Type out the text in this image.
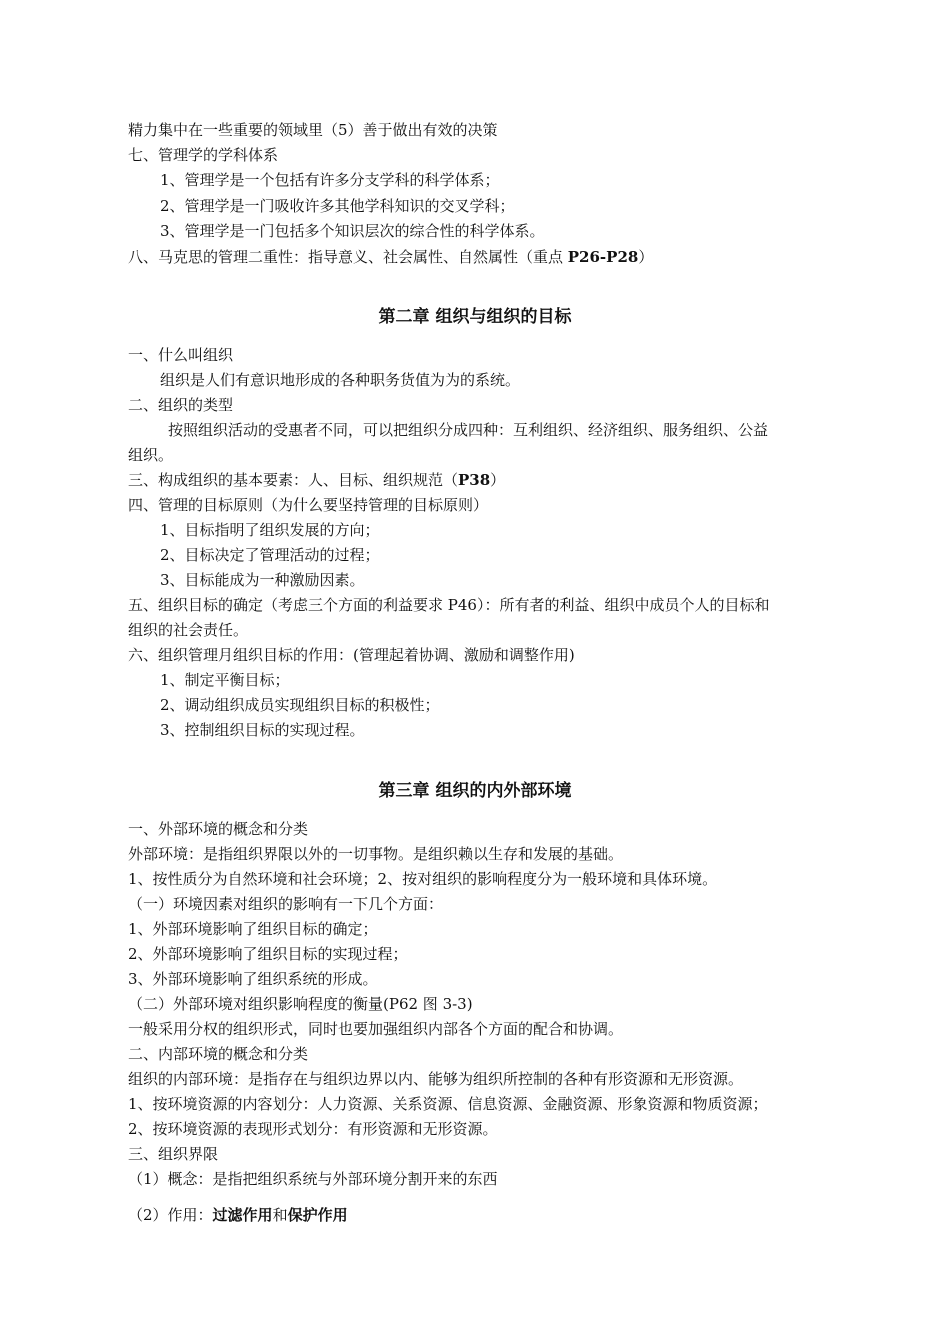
精力集中在一些重要的领域里（5）善于做出有效的决策
七、管理学的学科体系
1、管理学是一个包括有许多分支学科的科学体系；
2、管理学是一门吸收许多其他学科知识的交叉学科；
3、管理学是一门包括多个知识层次的综合性的科学体系。
八、马克思的管理二重性：指导意义、社会属性、自然属性（重点 P26-P28）
第二章 组织与组织的目标
一、什么叫组织
组织是人们有意识地形成的各种职务货值为为的系统。
二、组织的类型
按照组织活动的受惠者不同，可以把组织分成四种：互利组织、经济组织、服务组织、公益
组织。
三、构成组织的基本要素：人、目标、组织规范（P38）
四、管理的目标原则（为什么要坚持管理的目标原则）
1、目标指明了组织发展的方向；
2、目标决定了管理活动的过程；
3、目标能成为一种激励因素。
五、组织目标的确定（考虑三个方面的利益要求 P46）：所有者的利益、组织中成员个人的目标和
组织的社会责任。
六、组织管理月组织目标的作用：(管理起着协调、激励和调整作用)
1、制定平衡目标；
2、调动组织成员实现组织目标的积极性；
3、控制组织目标的实现过程。
第三章 组织的内外部环境
一、外部环境的概念和分类
外部环境：是指组织界限以外的一切事物。是组织赖以生存和发展的基础。
1、按性质分为自然环境和社会环境；2、按对组织的影响程度分为一般环境和具体环境。
（一）环境因素对组织的影响有一下几个方面：
1、外部环境影响了组织目标的确定；
2、外部环境影响了组织目标的实现过程；
3、外部环境影响了组织系统的形成。
（二）外部环境对组织影响程度的衡量(P62 图 3-3)
一般采用分权的组织形式，同时也要加强组织内部各个方面的配合和协调。
二、内部环境的概念和分类
组织的内部环境：是指存在与组织边界以内、能够为组织所控制的各种有形资源和无形资源。
1、按环境资源的内容划分：人力资源、关系资源、信息资源、金融资源、形象资源和物质资源；
2、按环境资源的表现形式划分：有形资源和无形资源。
三、组织界限
（1）概念：是指把组织系统与外部环境分割开来的东西
（2）作用：过滤作用和保护作用
